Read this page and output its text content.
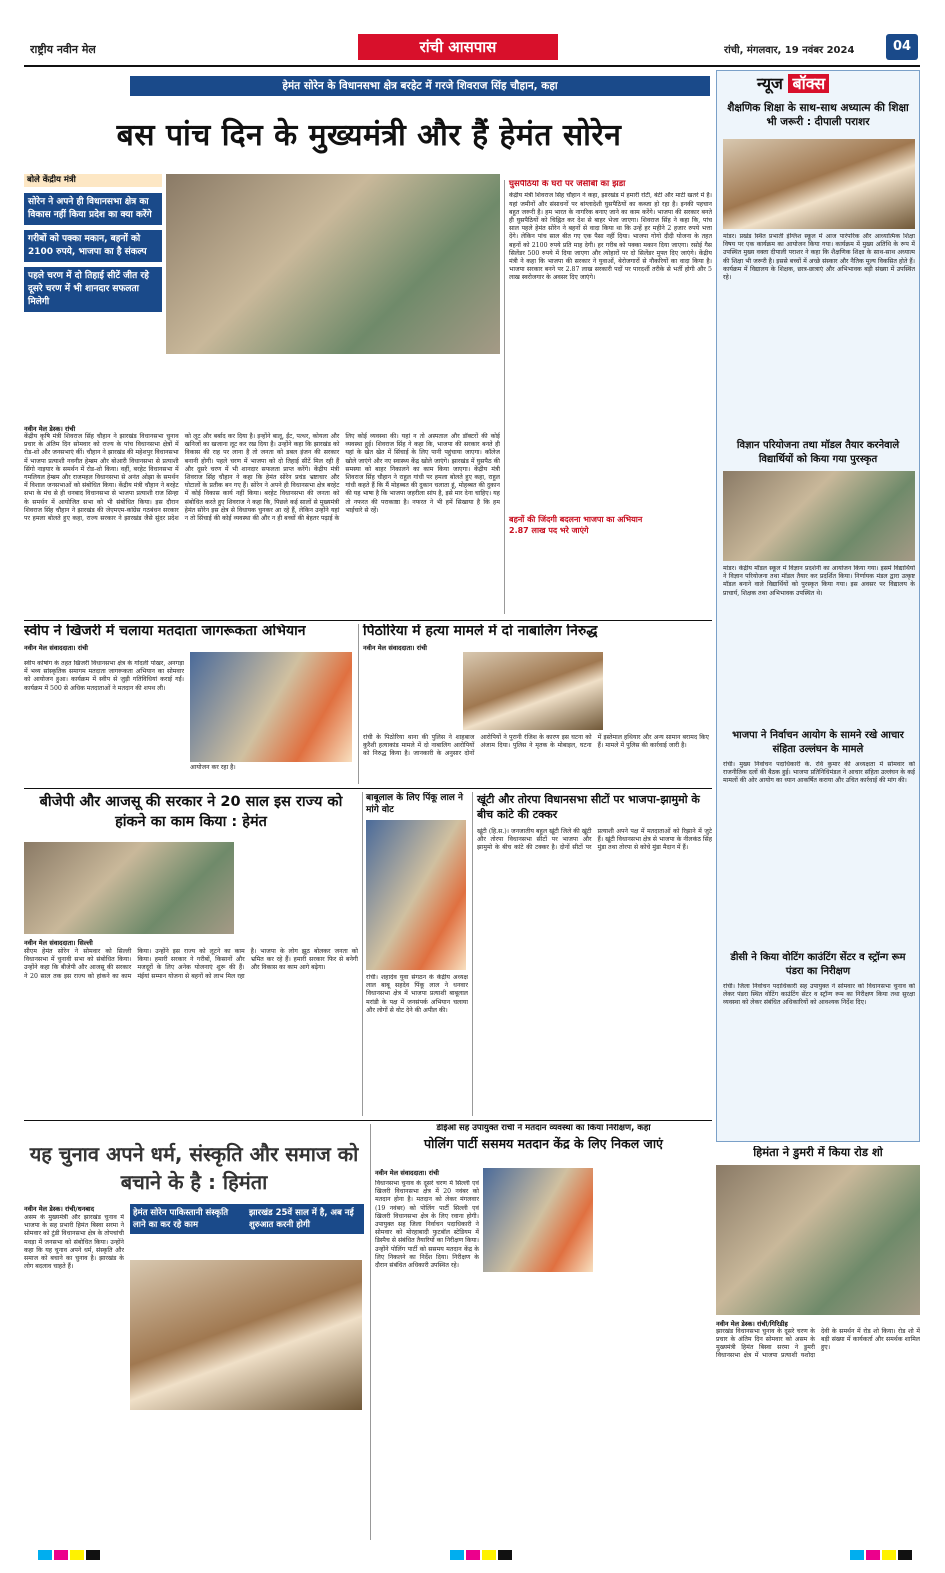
राष्ट्रीय नवीन मेल	रांची आसपास	रांची, मंगलवार, 19 नवंबर 2024	04
हेमंत सोरेन के विधानसभा क्षेत्र बरहेट में गरजे शिवराज सिंह चौहान, कहा
बस पांच दिन के मुख्यमंत्री और हैं हेमंत सोरेन
बोले केंद्रीय मंत्री
सोरेन ने अपने ही विधानसभा क्षेत्र का विकास नहीं किया प्रदेश का क्या करेंगे
गरीबों को पक्का मकान, बहनों को 2100 रुपये, भाजपा का है संकल्प
पहले चरण में दो तिहाई सीटें जीत रहे दूसरे चरण में भी शानदार सफलता मिलेगी
नवीन मेल डेस्क। रांची
केंद्रीय कृषि मंत्री शिवराज सिंह चौहान ने झारखंड विधानसभा चुनाव प्रचार के अंतिम दिन सोमवार को राज्य के पांच विधानसभा क्षेत्रों में रोड-शो और जनसभाएं कीं। चौहान ने झारखंड की महेशपुर विधानसभा में भाजपा प्रत्याशी नवनीत हेम्ब्रम और बोआरी विधानसभा से प्रत्याशी सिंगो नाइयार के समर्थन में रोड-शो किया। वहीं, बरहेट विधानसभा में गमलियल हेम्ब्रम और राजमहल विधानसभा से अनंत ओझा के समर्थन में विशाल जनसभाओं को संबोधित किया। केंद्रीय मंत्री चौहान ने बरहेट सभा के मंच से ही धनबाद विधानसभा से भाजपा प्रत्याशी राज सिन्हा के समर्थन में आयोजित सभा को भी संबोधित किया। इस दौरान शिवराज सिंह चौहान ने झारखंड की जेएमएम-कांग्रेस गठबंधन सरकार पर हमला बोलते हुए कहा, राज्य सरकार ने झारखंड जैसे सुंदर प्रदेश को लूट और बर्बाद कर दिया है। इन्होंने बालू, ईंट, पत्थर, कोयला और खनिजों का खजाना लूट कर रख दिया है। उन्होंने कहा कि झारखंड को विकास की राह पर लाना है तो जनता को डबल इंजन की सरकार बनानी होगी। पहले चरण में भाजपा को दो तिहाई सीटें मिल रही हैं और दूसरे चरण में भी शानदार सफलता प्राप्त करेंगे। केंद्रीय मंत्री शिवराज सिंह चौहान ने कहा कि हेमंत सोरेन प्रचंड भ्रष्टाचार और घोटालों के प्रतीक बन गए हैं। सोरेन ने अपने ही विधानसभा क्षेत्र बरहेट में कोई विकास कार्य नहीं किया। बरहेट विधानसभा की जनता को संबोधित करते हुए शिवराज ने कहा कि, पिछले कई सालों से मुख्यमंत्री हेमंत सोरेन इस क्षेत्र से विधायक चुनकर आ रहे हैं, लेकिन उन्होंने यहां न तो सिंचाई की कोई व्यवस्था की और न ही बच्चों की बेहतर पढ़ाई के लिए कोई व्यवस्था की। यहां न तो अस्पताल और डॉक्टरों की कोई व्यवस्था हुई। शिवराज सिंह ने कहा कि, भाजपा की सरकार बनते ही यहां के खेत खेत में सिंचाई के लिए पानी पहुंचाया जाएगा। कॉलेज खोले जाएंगे और नए स्वास्थ्य केंद्र खोले जाएंगे। झारखंड में घुसपैठ की समस्या को बाहर निकालने का काम किया जाएगा। केंद्रीय मंत्री शिवराज सिंह चौहान ने राहुल गांधी पर हमला बोलते हुए कहा, राहुल गांधी कहते हैं कि मैं मोहब्बत की दुकान चलाता हूं, मोहब्बत की दुकान की यह भाषा है कि भाजपा जहरीला सांप है, इसे मार देना चाहिए। यह तो नफरत की पराकाष्ठा है। नफरत ने भी हमें सिखाया है कि हम भाईचारे से रहें।
घुसपैठियों के घरों पर जेसीबी का झंडा
केंद्रीय मंत्री शिवराज सिंह चौहान ने कहा, झारखंड में हमारी रोटी, बेटी और माटी खतरे में है। यहां जमीनों और संसाधनों पर बांग्लादेशी घुसपैठियों का कब्जा हो रहा है। इनकी पहचान बहुत जरूरी है। हम भारत के नागरिक बनाए जाने का काम करेंगे। भाजपा की सरकार बनते ही घुसपैठियों को चिह्नित कर देश से बाहर भेजा जाएगा। शिवराज सिंह ने कहा कि, पांच साल पहले हेमंत सोरेन ने बहनों से वादा किया था कि उन्हें हर महीने 2 हजार रुपये भत्ता देंगे। लेकिन पांच साल बीत गए एक पैसा नहीं दिया। भाजपा गोगो दीदी योजना के तहत बहनों को 2100 रुपये प्रति माह देगी। हर गरीब को पक्का मकान दिया जाएगा। रसोई गैस सिलेंडर 500 रुपये में दिया जाएगा और त्योहारों पर दो सिलेंडर मुफ्त दिए जाएंगे। केंद्रीय मंत्री ने कहा कि भाजपा की सरकार ने युवाओं, बेरोजगारों से नौकरियों का वादा किया है। भाजपा सरकार बनने पर 2.87 लाख सरकारी पदों पर पारदर्शी तरीके से भर्ती होगी और 5 लाख स्वरोजगार के अवसर दिए जाएंगे।
बहनों की जिंदगी बदलना भाजपा का अभियान
2.87 लाख पद भरे जाएंगे
न्यूज बॉक्स
शैक्षणिक शिक्षा के साथ-साथ अध्यात्म की शिक्षा भी जरूरी : दीपाली पराशर
मांडर। प्रखंड स्थित प्रभाती इंग्लिश स्कूल में आज पारंपरिक और आध्यात्मिक शिक्षा विषय पर एक कार्यक्रम का आयोजन किया गया। कार्यक्रम में मुख्य अतिथि के रूप में उपस्थित मुख्य वक्ता दीपाली पराशर ने कहा कि शैक्षणिक शिक्षा के साथ-साथ अध्यात्म की शिक्षा भी जरूरी है। इससे बच्चों में अच्छे संस्कार और नैतिक मूल्य विकसित होते हैं। कार्यक्रम में विद्यालय के शिक्षक, छात्र-छात्राएं और अभिभावक बड़ी संख्या में उपस्थित रहे।
विज्ञान परियोजना तथा मॉडल तैयार करनेवाले विद्यार्थियों को किया गया पुरस्कृत
मांडर। केंद्रीय मॉडल स्कूल में विज्ञान प्रदर्शनी का आयोजन किया गया। इसमें विद्यार्थियों ने विज्ञान परियोजना तथा मॉडल तैयार कर प्रदर्शित किया। निर्णायक मंडल द्वारा उत्कृष्ट मॉडल बनाने वाले विद्यार्थियों को पुरस्कृत किया गया। इस अवसर पर विद्यालय के प्राचार्य, शिक्षक तथा अभिभावक उपस्थित थे।
भाजपा ने निर्वाचन आयोग के सामने रखे आचार संहिता उल्लंघन के मामले
रांची। मुख्य निर्वाचन पदाधिकारी के. रवि कुमार की अध्यक्षता में सोमवार को राजनीतिक दलों की बैठक हुई। भाजपा प्रतिनिधिमंडल ने आचार संहिता उल्लंघन के कई मामलों की ओर आयोग का ध्यान आकर्षित कराया और उचित कार्रवाई की मांग की।
डीसी ने किया वोटिंग काउंटिंग सेंटर व स्ट्रॉन्ग रूम पंडरा का निरीक्षण
रांची। जिला निर्वाचन पदाधिकारी सह उपायुक्त ने सोमवार को विधानसभा चुनाव को लेकर पंडरा स्थित वोटिंग काउंटिंग सेंटर व स्ट्रॉन्ग रूम का निरीक्षण किया तथा सुरक्षा व्यवस्था को लेकर संबंधित अधिकारियों को आवश्यक निर्देश दिए।
स्वीप ने खिजरी में चलाया मतदाता जागरूकता अभियान
नवीन मेल संवाददाता। रांची
स्वीप कोषांग के तहत खिजरी विधानसभा क्षेत्र के गोंदली पोखर, अनगड़ा में भव्य सांस्कृतिक समागम मतदाता जागरूकता अभियान का सोमवार को आयोजन हुआ। कार्यक्रम में स्वीप से जुड़ी गतिविधियां कराई गईं। कार्यक्रम में 500 से अधिक मतदाताओं ने मतदान की शपथ ली।
आयोजन कर रहा है।
पिठोरिया में हत्या मामले में दो नाबालिग निरुद्ध
नवीन मेल संवाददाता। रांची
रांची के पिठोरिया थाना की पुलिस ने शाहबाज कुरैशी हत्याकांड मामले में दो नाबालिग आरोपियों को निरुद्ध किया है। जानकारी के अनुसार दोनों आरोपियों ने पुरानी रंजिश के कारण इस घटना को अंजाम दिया। पुलिस ने मृतक के मोबाइल, घटना में इस्तेमाल हथियार और अन्य सामान बरामद किए हैं। मामले में पुलिस की कार्रवाई जारी है।
बीजेपी और आजसू की सरकार ने 20 साल इस राज्य को हांकने का काम किया : हेमंत
नवीन मेल संवाददाता। सिल्ली
सीएम हेमंत सोरेन ने सोमवार को सिल्ली विधानसभा में चुनावी सभा को संबोधित किया। उन्होंने कहा कि बीजेपी और आजसू की सरकार ने 20 साल तक इस राज्य को हांकने का काम किया। उन्होंने इस राज्य को लूटने का काम किया। हमारी सरकार ने गरीबों, किसानों और मजदूरों के लिए अनेक योजनाएं शुरू की हैं। मंईयां सम्मान योजना से बहनों को लाभ मिल रहा है। भाजपा के लोग झूठ बोलकर जनता को भ्रमित कर रहे हैं। हमारी सरकार फिर से बनेगी और विकास का काम आगे बढ़ेगा।
बाबूलाल के लिए पिंकू लाल ने मांगे वोट
रांची। शहादेव युवा संगठन के केंद्रीय अध्यक्ष लाल बाबू सहदेव पिंकू लाल ने धनवार विधानसभा क्षेत्र में भाजपा प्रत्याशी बाबूलाल मरांडी के पक्ष में जनसंपर्क अभियान चलाया और लोगों से वोट देने की अपील की।
खूंटी और तोरपा विधानसभा सीटों पर भाजपा-झामुमो के बीच कांटे की टक्कर
खूंटी (हि.स.)। जनजातीय बहुल खूंटी जिले की खूंटी और तोरपा विधानसभा सीटों पर भाजपा और झामुमो के बीच कांटे की टक्कर है। दोनों सीटों पर प्रत्याशी अपने पक्ष में मतदाताओं को रिझाने में जुटे हैं। खूंटी विधानसभा क्षेत्र से भाजपा के नीलकंठ सिंह मुंडा तथा तोरपा से कोचे मुंडा मैदान में हैं।
यह चुनाव अपने धर्म, संस्कृति और समाज को बचाने के है : हिमंता
नवीन मेल डेस्क। रांची/धनबाद
असम के मुख्यमंत्री और झारखंड चुनाव में भाजपा के सह प्रभारी हिमंत बिस्वा सरमा ने सोमवार को टुंडी विधानसभा क्षेत्र के तोपचांची मवड़ा में जनसभा को संबोधित किया। उन्होंने कहा कि यह चुनाव अपने धर्म, संस्कृति और समाज को बचाने का चुनाव है। झारखंड के लोग बदलाव चाहते हैं।
हेमंत सोरेन पाकिस्तानी संस्कृति लाने का कर रहे काम
झारखंड 25वें साल में है, अब नई शुरुआत करनी होगी
डीईओ सह उपायुक्त रांची ने मतदान व्यवस्था का किया निरीक्षण, कहा
पोलिंग पार्टी ससमय मतदान केंद्र के लिए निकल जाएं
नवीन मेल संवाददाता। रांची
विधानसभा चुनाव के दूसरे चरण में सिल्ली एवं खिजरी विधानसभा क्षेत्र में 20 नवंबर को मतदान होना है। मतदान को लेकर मंगलवार (19 नवंबर) को पोलिंग पार्टी सिल्ली एवं खिजरी विधानसभा क्षेत्र के लिए रवाना होगी। उपायुक्त सह जिला निर्वाचन पदाधिकारी ने सोमवार को मोरहाबादी फुटबॉल स्टेडियम में डिस्पैच से संबंधित तैयारियों का निरीक्षण किया। उन्होंने पोलिंग पार्टी को ससमय मतदान केंद्र के लिए निकलने का निर्देश दिया। निरीक्षण के दौरान संबंधित अधिकारी उपस्थित रहे।
हिमंता ने डुमरी में किया रोड शो
नवीन मेल डेस्क। रांची/गिरिडीह
झारखंड विधानसभा चुनाव के दूसरे चरण के प्रचार के अंतिम दिन सोमवार को असम के मुख्यमंत्री हिमंत बिस्वा सरमा ने डुमरी विधानसभा क्षेत्र में भाजपा प्रत्याशी यशोदा देवी के समर्थन में रोड शो किया। रोड शो में बड़ी संख्या में कार्यकर्ता और समर्थक शामिल हुए।
